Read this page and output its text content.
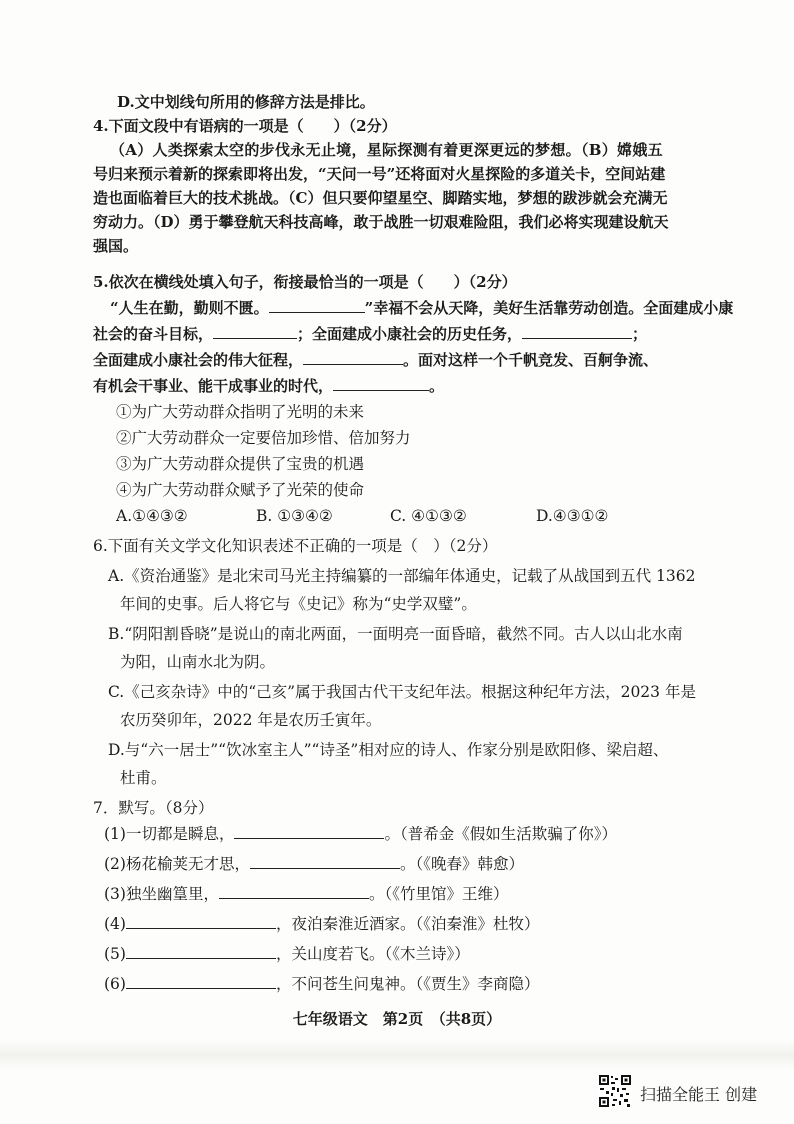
D.文中划线句所用的修辞方法是排比。
4.下面文段中有语病的一项是（　　）（2分）
（A）人类探索太空的步伐永无止境，星际探测有着更深更远的梦想。（B）嫦娥五
号归来预示着新的探索即将出发，“天问一号”还将面对火星探险的多道关卡，空间站建
造也面临着巨大的技术挑战。（C）但只要仰望星空、脚踏实地，梦想的跋涉就会充满无
穷动力。（D）勇于攀登航天科技高峰，敢于战胜一切艰难险阻，我们必将实现建设航天
强国。
5.依次在横线处填入句子，衔接最恰当的一项是（　　）（2分）
“人生在勤，勤则不匮。	”幸福不会从天降，美好生活靠劳动创造。全面建成小康
社会的奋斗目标，	；全面建成小康社会的历史任务，	；
全面建成小康社会的伟大征程，	。面对这样一个千帆竞发、百舸争流、
有机会干事业、能干成事业的时代，	。
①为广大劳动群众指明了光明的未来
②广大劳动群众一定要倍加珍惜、倍加努力
③为广大劳动群众提供了宝贵的机遇
④为广大劳动群众赋予了光荣的使命
A.①④③②	B. ①③④②	C. ④①③②	D.④③①②
6.下面有关文学文化知识表述不正确的一项是（　）（2分）
A.《资治通鉴》是北宋司马光主持编纂的一部编年体通史，记载了从战国到五代 1362
年间的史事。后人将它与《史记》称为“史学双璧”。
B.“阴阳割昏晓”是说山的南北两面，一面明亮一面昏暗，截然不同。古人以山北水南
为阳，山南水北为阴。
C.《己亥杂诗》中的“己亥”属于我国古代干支纪年法。根据这种纪年方法，2023 年是
农历癸卯年，2022 年是农历壬寅年。
D.与“六一居士”“饮冰室主人”“诗圣”相对应的诗人、作家分别是欧阳修、梁启超、
杜甫。
7．默写。（8分）
(1)一切都是瞬息，	。（普希金《假如生活欺骗了你》）
(2)杨花榆荚无才思，	。（《晚春》韩愈）
(3)独坐幽篁里，	。（《竹里馆》王维）
(4)	，夜泊秦淮近酒家。（《泊秦淮》杜牧）
(5)	，关山度若飞。（《木兰诗》）
(6)	，不问苍生问鬼神。（《贾生》李商隐）
七年级语文　第2页　（共8页）
扫描全能王 创建
